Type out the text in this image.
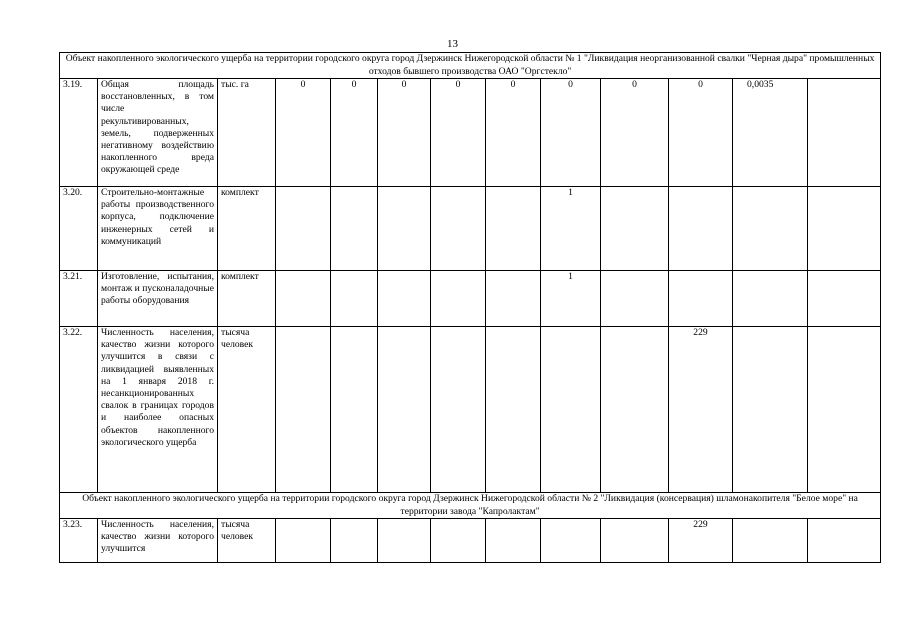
13
Объект накопленного экологического ущерба на территории городского округа город Дзержинск Нижегородской области № 1 "Ликвидация неорганизованной свалки "Черная дыра" промышленных отходов бывшего производства ОАО "Оргстекло"												
3.19.	Общая площадь восстановленных, в том числе рекультивированных, земель, подверженных негативному воздействию накопленного вреда окружающей среде	тыс. га	0	0	0	0	0	0	0	0	0,0035	
3.20.	Строительно-монтажные работы производственного корпуса, подключение инженерных сетей и коммуникаций	комплект						1				
3.21.	Изготовление, испытания, монтаж и пусконаладочные работы оборудования	комплект						1				
3.22.	Численность населения, качество жизни которого улучшится в связи с ликвидацией выявленных на 1 января 2018 г. несанкционированных свалок в границах городов и наиболее опасных объектов накопленного экологического ущерба	тысяча человек								229		
Объект накопленного экологического ущерба на территории городского округа город Дзержинск Нижегородской области № 2 "Ликвидация (консервация) шламонакопителя "Белое море" на территории завода "Капролактам"												
3.23.	Численность населения, качество жизни которого улучшится	тысяча человек								229		
